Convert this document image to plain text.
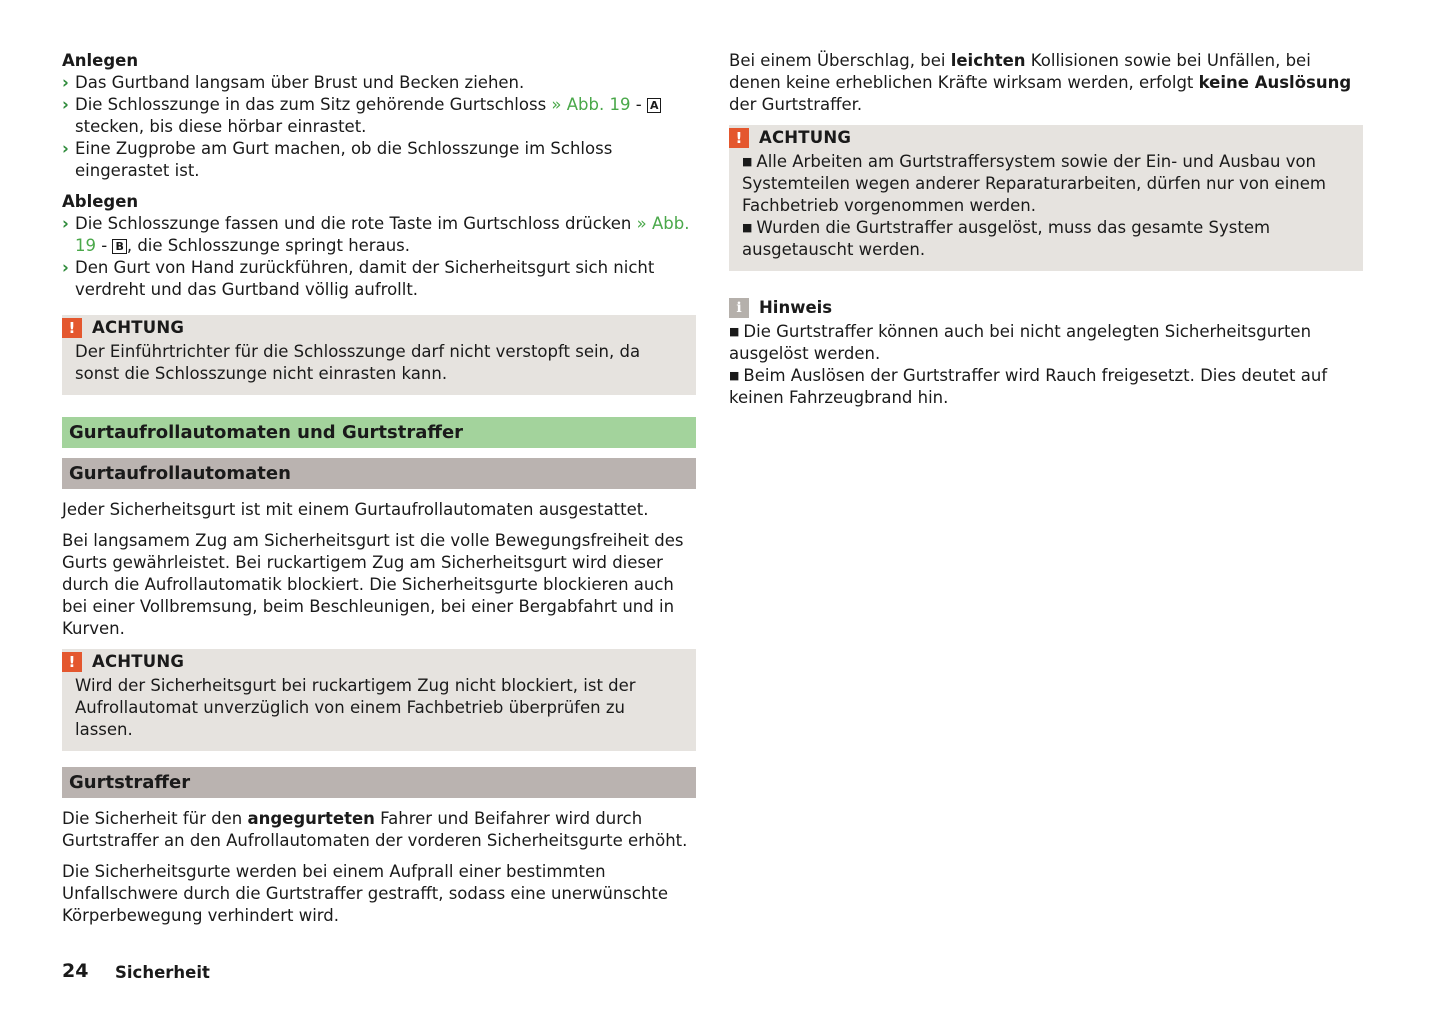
Anlegen

› Das Gurtband langsam über Brust und Becken ziehen.
› Die Schlosszunge in das zum Sitz gehörende Gurtschloss » Abb. 19 - A stecken, bis diese hörbar einrastet.
› Eine Zugprobe am Gurt machen, ob die Schlosszunge im Schloss eingerastet ist.

Ablegen

› Die Schlosszunge fassen und die rote Taste im Gurtschloss drücken » Abb. 19 - B , die Schlosszunge springt heraus.
› Den Gurt von Hand zurückführen, damit der Sicherheitsgurt sich nicht verdreht und das Gurtband völlig aufrollt.
! ACHTUNG

Der Einführtrichter für die Schlosszunge darf nicht verstopft sein, da sonst die Schlosszunge nicht einrasten kann.

Gurtaufrollautomaten und Gurtstraffer
Gurtaufrollautomaten

Jeder Sicherheitsgurt ist mit einem Gurtaufrollautomaten ausgestattet.

Bei langsamem Zug am Sicherheitsgurt ist die volle Bewegungsfreiheit des Gurts gewährleistet. Bei ruckartigem Zug am Sicherheitsgurt wird dieser durch die Aufrollautomatik blockiert. Die Sicherheitsgurte blockieren auch bei einer Vollbremsung, beim Beschleunigen, bei einer Bergabfahrt und in Kurven.

! ACHTUNG

Wird der Sicherheitsgurt bei ruckartigem Zug nicht blockiert, ist der Aufrollautomat unverzüglich von einem Fachbetrieb überprüfen zu lassen.

Gurtstraffer

Die Sicherheit für den angegurteten Fahrer und Beifahrer wird durch Gurtstraffer an den Aufrollautomaten der vorderen Sicherheitsgurte erhöht.

Die Sicherheitsgurte werden bei einem Aufprall einer bestimmten Unfallschwere durch die Gurtstraffer gestrafft, sodass eine unerwünschte Körperbewegung verhindert wird.

Bei einem Überschlag, bei leichten Kollisionen sowie bei Unfällen, bei denen keine erheblichen Kräfte wirksam werden, erfolgt keine Auslösung der Gurtstraffer.

! ACHTUNG

■ Alle Arbeiten am Gurtstraffersystem sowie der Ein- und Ausbau von Systemteilen wegen anderer Reparaturarbeiten, dürfen nur von einem Fachbetrieb vorgenommen werden.

■ Wurden die Gurtstraffer ausgelöst, muss das gesamte System ausgetauscht werden.

i	Hinweis

■ Die Gurtstraffer können auch bei nicht angelegten Sicherheitsgurten ausgelöst werden.

■ Beim Auslösen der Gurtstraffer wird Rauch freigesetzt. Dies deutet auf keinen Fahrzeugbrand hin.

24 Sicherheit
